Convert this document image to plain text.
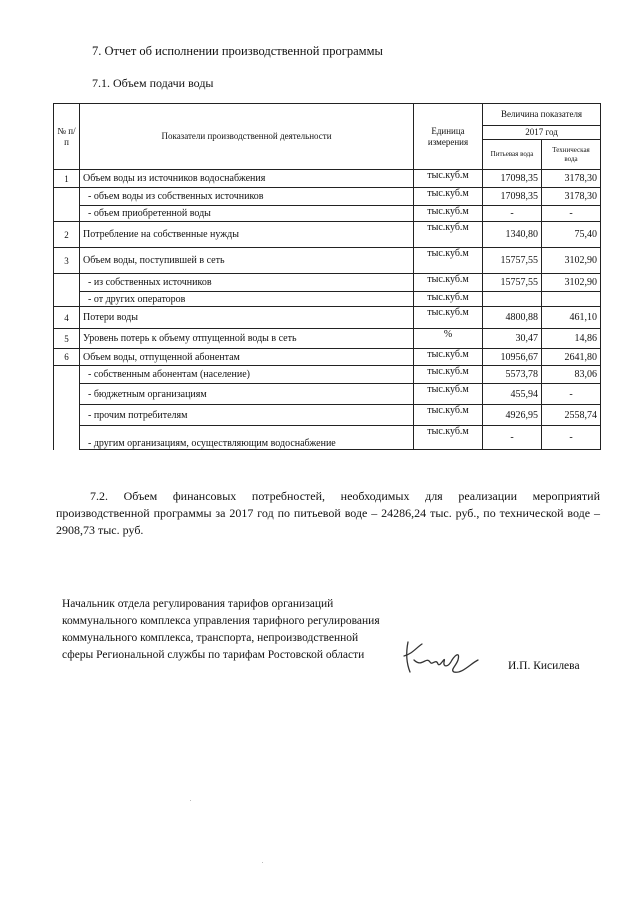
7. Отчет об исполнении производственной программы
7.1. Объем подачи воды
№ п/п	Показатели производственной деятельности	Единица измерения	Величина показателя	
			2017 год	
			Питьевая вода	Техническая вода
1	Объем воды из источников водоснабжения	тыс.куб.м	17098,35	3178,30
	- объем воды из собственных источников	тыс.куб.м	17098,35	3178,30
	- объем приобретенной воды	тыс.куб.м	-	-
2	Потребление на собственные нужды	тыс.куб.м	1340,80	75,40
3	Объем воды, поступившей в сеть	тыс.куб.м	15757,55	3102,90
	- из собственных источников	тыс.куб.м	15757,55	3102,90
	- от других операторов	тыс.куб.м		
4	Потери воды	тыс.куб.м	4800,88	461,10
5	Уровень потерь к объему отпущенной воды в сеть	%	30,47	14,86
6	Объем воды, отпущенной абонентам	тыс.куб.м	10956,67	2641,80
	- собственным абонентам (население)	тыс.куб.м	5573,78	83,06
	- бюджетным организациям	тыс.куб.м	455,94	-
	- прочим потребителям	тыс.куб.м	4926,95	2558,74
	- другим организациям, осуществляющим водоснабжение	тыс.куб.м	-	-
7.2. Объем финансовых потребностей, необходимых для реализации мероприятий производственной программы за 2017 год по питьевой воде – 24286,24 тыс. руб., по технической воде – 2908,73 тыс. руб.
Начальник отдела регулирования тарифов организаций коммунального комплекса управления тарифного регулирования коммунального комплекса, транспорта, непроизводственной сферы Региональной службы по тарифам Ростовской области
И.П. Кисилева
